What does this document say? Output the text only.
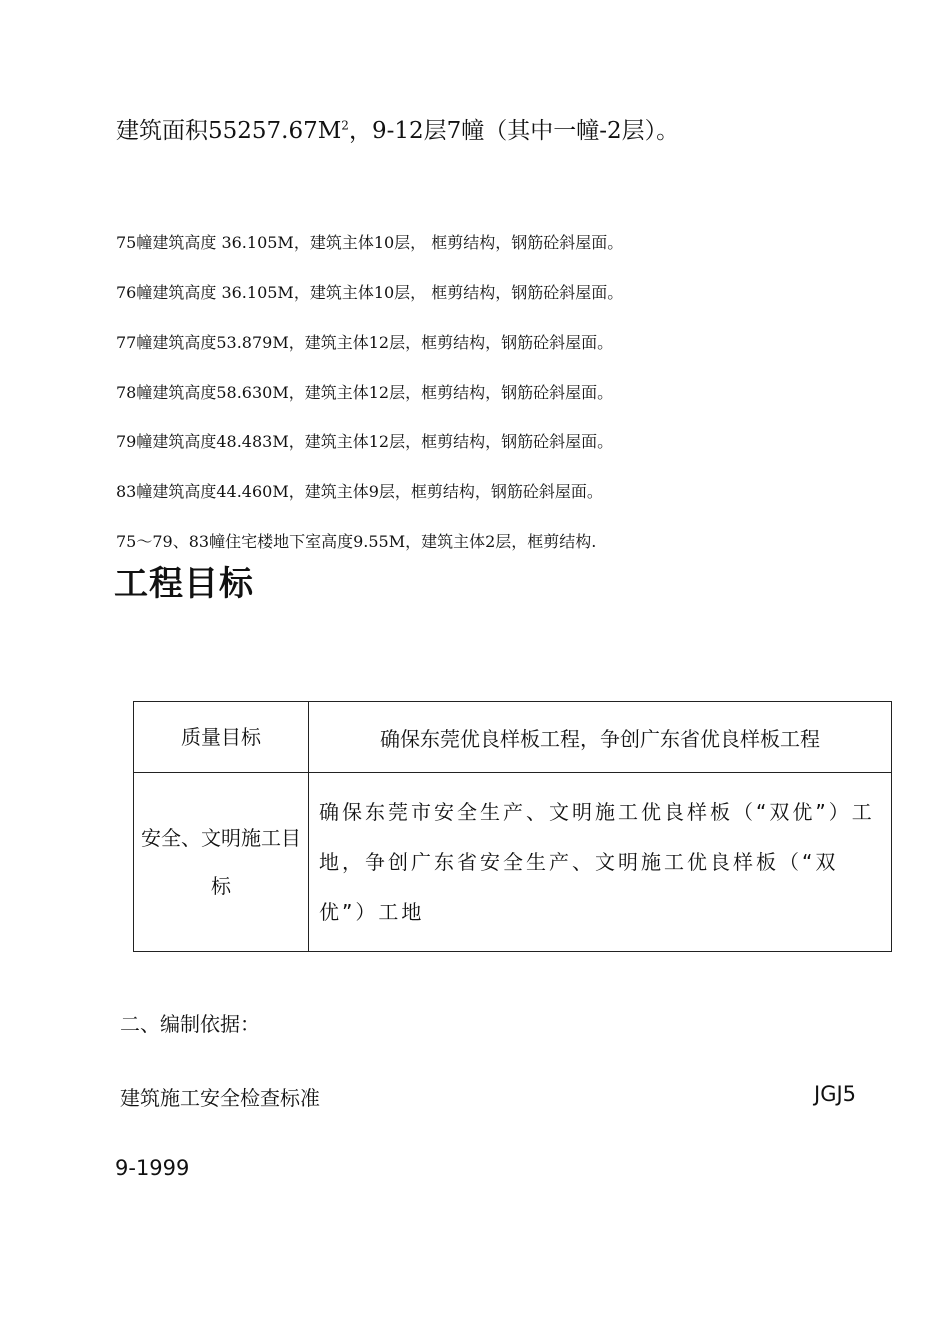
建筑面积$55257.67M^2$，9-12层7幢（其中一幢-2层）。
75幢建筑高度 36.105M，建筑主体10层， 框剪结构，钢筋砼斜屋面。
76幢建筑高度 36.105M，建筑主体10层， 框剪结构，钢筋砼斜屋面。
77幢建筑高度53.879M，建筑主体12层，框剪结构，钢筋砼斜屋面。
78幢建筑高度58.630M，建筑主体12层，框剪结构，钢筋砼斜屋面。
79幢建筑高度48.483M，建筑主体12层，框剪结构，钢筋砼斜屋面。
83幢建筑高度44.460M，建筑主体9层，框剪结构，钢筋砼斜屋面。
75～79、83幢住宅楼地下室高度9.55M，建筑主体2层，框剪结构.
工程目标
质量目标	确保东莞优良样板工程，争创广东省优良样板工程
安全、文明施工目标	确保东莞市安全生产、文明施工优良样板（“双优”）工地，争创广东省安全生产、文明施工优良样板（“双优”）工地
二、编制依据：
建筑施工安全检查标准	JGJ5
9-1999
